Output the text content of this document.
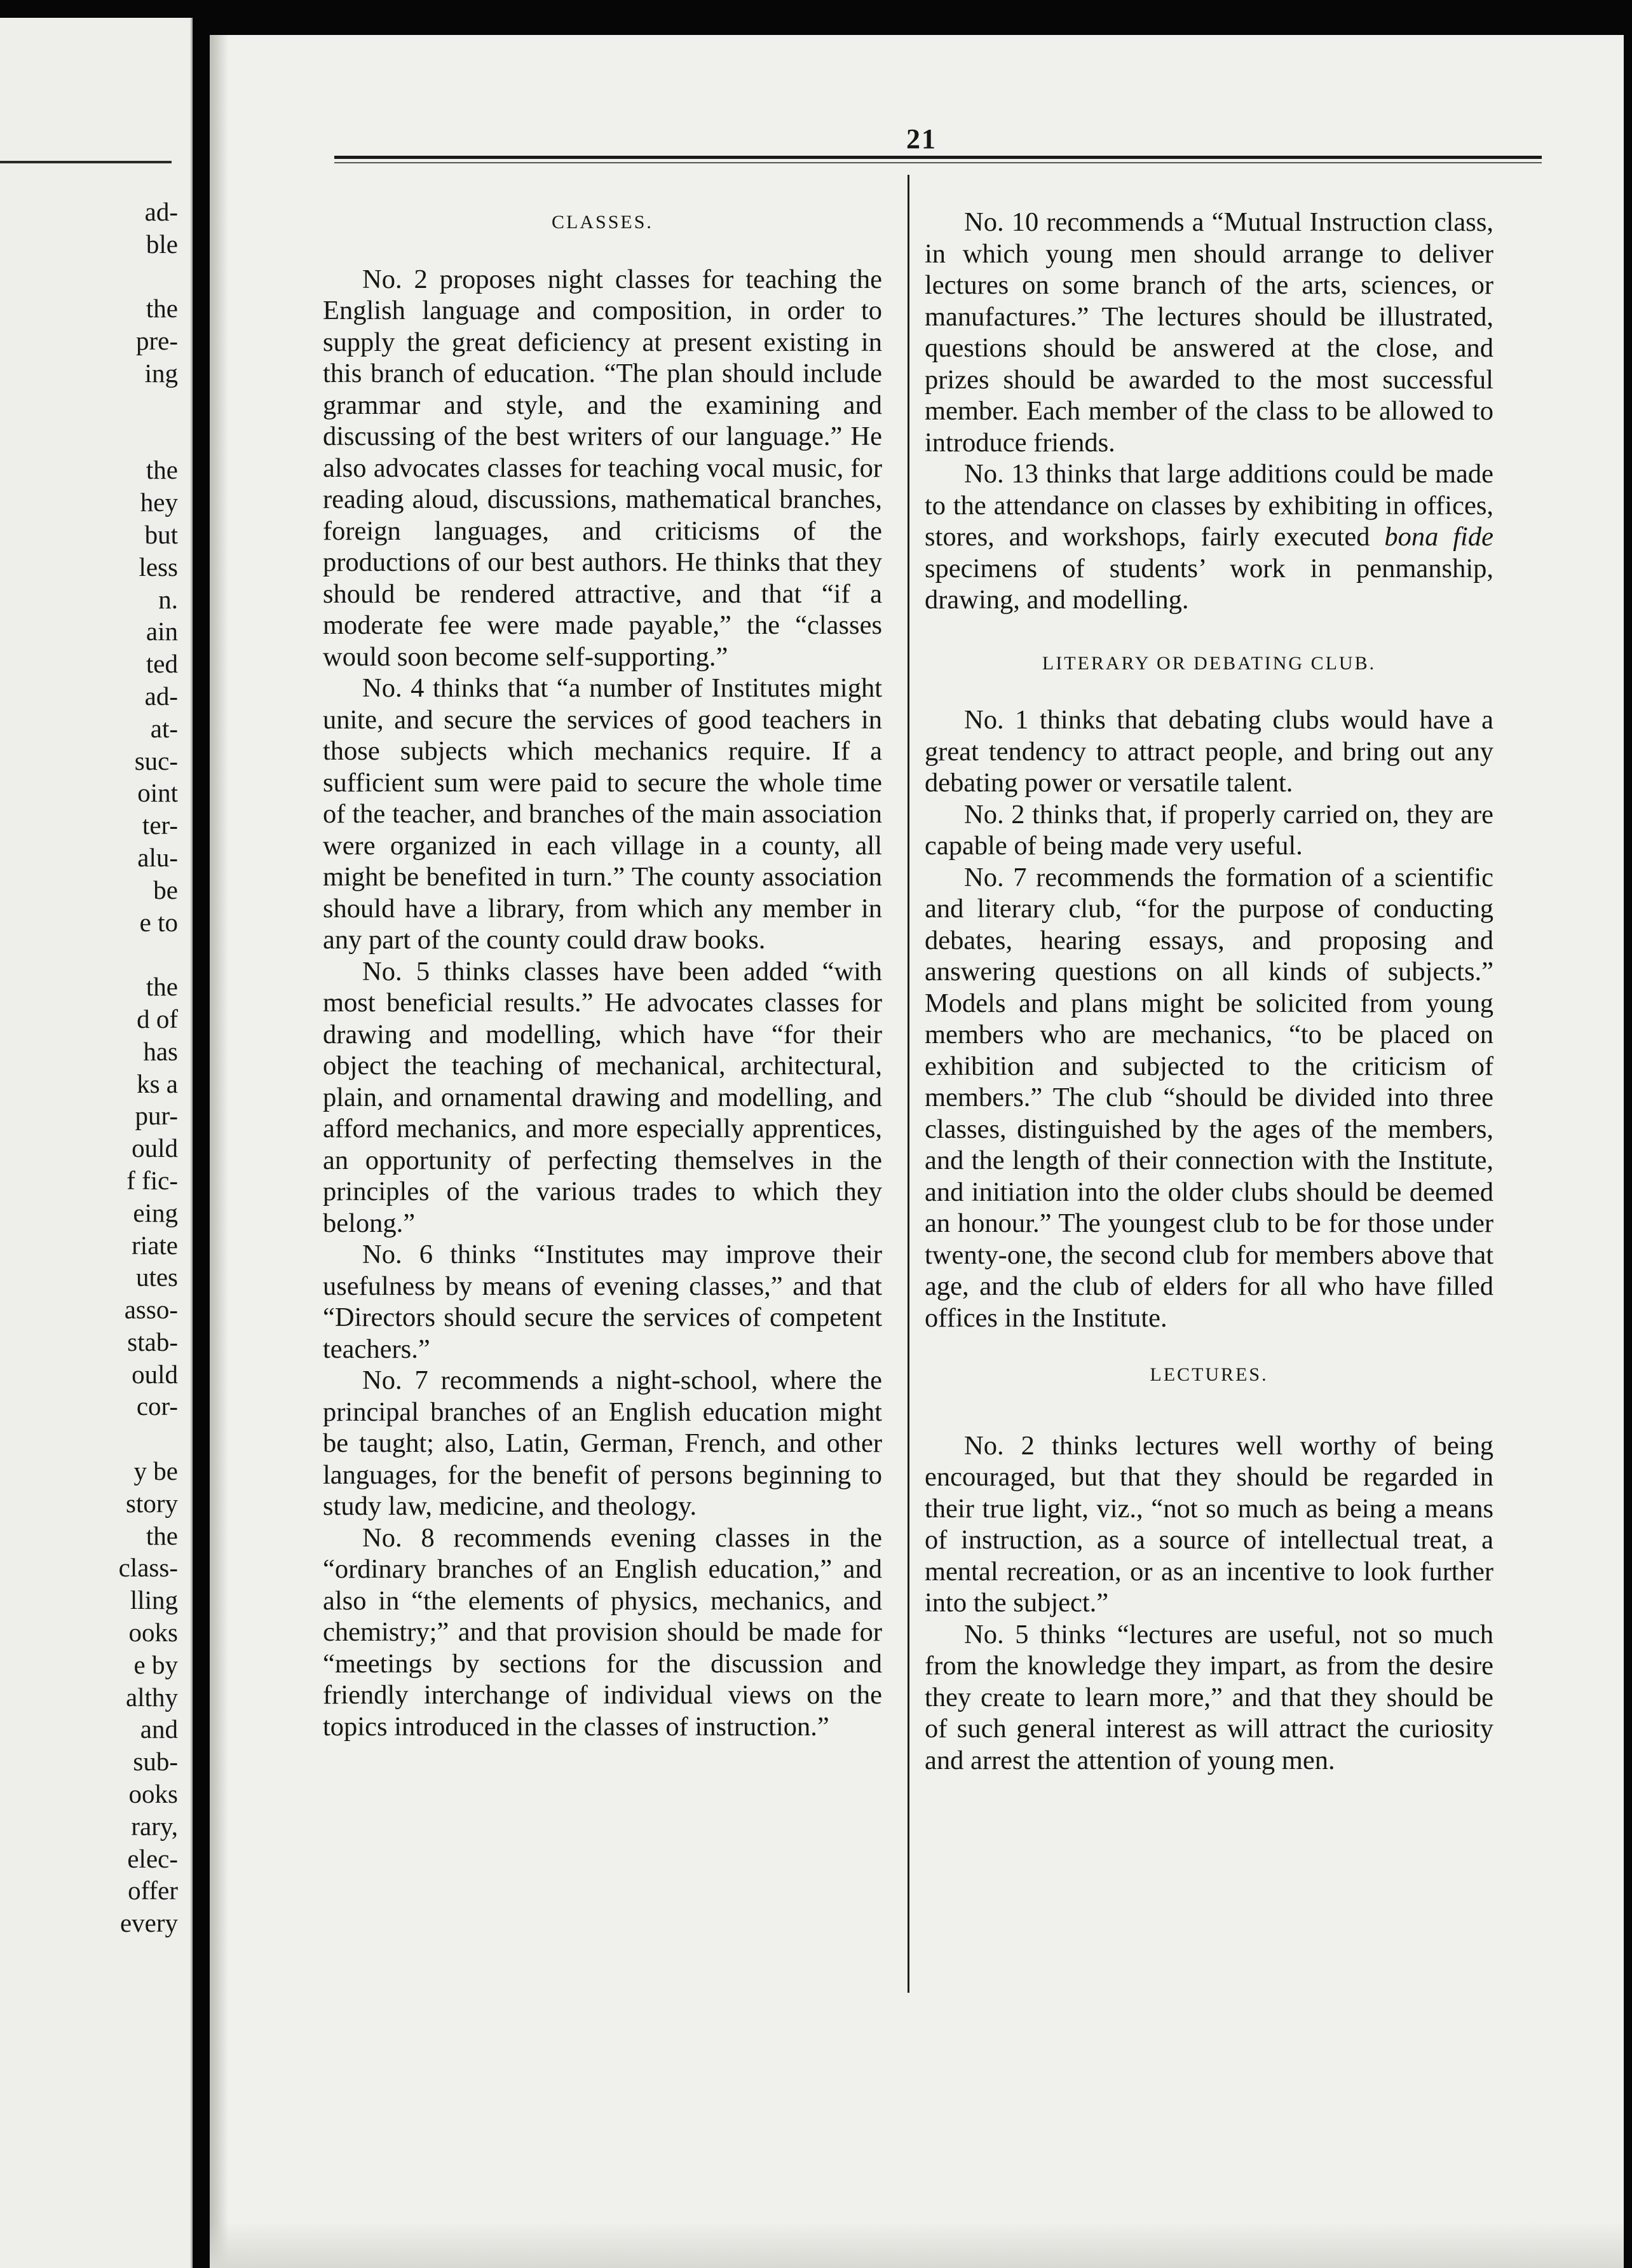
ad-
ble
the
pre-
ing
the
hey
but
less
n.
ain
ted
ad-
at-
suc-
oint
ter-
alu-
be
e to
the
d of
has
ks a
pur-
ould
f fic-
eing
riate
utes
asso-
stab-
ould
cor-
y be
story
the
class-
lling
ooks
e by
althy
and
sub-
ooks
rary,
elec-
offer
every
21
CLASSES.

No. 2 proposes night classes for teaching the English language and composition, in order to supply the great deficiency at present existing in this branch of education. “The plan should include grammar and style, and the examining and discussing of the best writers of our language.” He also advocates classes for teaching vocal music, for reading aloud, discussions, mathematical branches, foreign languages, and criticisms of the productions of our best authors. He thinks that they should be rendered attractive, and that “if a moderate fee were made payable,” the “classes would soon become self-supporting.”

No. 4 thinks that “a number of Institutes might unite, and secure the services of good teachers in those subjects which mechanics require. If a sufficient sum were paid to secure the whole time of the teacher, and branches of the main association were organized in each village in a county, all might be benefited in turn.” The county association should have a library, from which any member in any part of the county could draw books.

No. 5 thinks classes have been added “with most beneficial results.” He advocates classes for drawing and modelling, which have “for their object the teaching of mechanical, architectural, plain, and ornamental drawing and modelling, and afford mechanics, and more especially apprentices, an opportunity of perfecting themselves in the principles of the various trades to which they belong.”

No. 6 thinks “Institutes may improve their usefulness by means of evening classes,” and that “Directors should secure the services of competent teachers.”

No. 7 recommends a night-school, where the principal branches of an English education might be taught; also, Latin, German, French, and other languages, for the benefit of persons beginning to study law, medicine, and theology.

No. 8 recommends evening classes in the “ordinary branches of an English education,” and also in “the elements of physics, mechanics, and chemistry;” and that provision should be made for “meetings by sections for the discussion and friendly interchange of individual views on the topics introduced in the classes of instruction.”

No. 10 recommends a “Mutual Instruction class, in which young men should arrange to deliver lectures on some branch of the arts, sciences, or manufactures.” The lectures should be illustrated, questions should be answered at the close, and prizes should be awarded to the most successful member. Each member of the class to be allowed to introduce friends.

No. 13 thinks that large additions could be made to the attendance on classes by exhibiting in offices, stores, and workshops, fairly executed bona fide specimens of students’ work in penmanship, drawing, and modelling.

LITERARY OR DEBATING CLUB.

No. 1 thinks that debating clubs would have a great tendency to attract people, and bring out any debating power or versatile talent.

No. 2 thinks that, if properly carried on, they are capable of being made very useful.

No. 7 recommends the formation of a scientific and literary club, “for the purpose of conducting debates, hearing essays, and proposing and answering questions on all kinds of subjects.” Models and plans might be solicited from young members who are mechanics, “to be placed on exhibition and subjected to the criticism of members.” The club “should be divided into three classes, distinguished by the ages of the members, and the length of their connection with the Institute, and initiation into the older clubs should be deemed an honour.” The youngest club to be for those under twenty-one, the second club for members above that age, and the club of elders for all who have filled offices in the Institute.

LECTURES.

No. 2 thinks lectures well worthy of being encouraged, but that they should be regarded in their true light, viz., “not so much as being a means of instruction, as a source of intellectual treat, a mental recreation, or as an incentive to look further into the subject.”

No. 5 thinks “lectures are useful, not so much from the knowledge they impart, as from the desire they create to learn more,” and that they should be of such general interest as will attract the curiosity and arrest the attention of young men.
